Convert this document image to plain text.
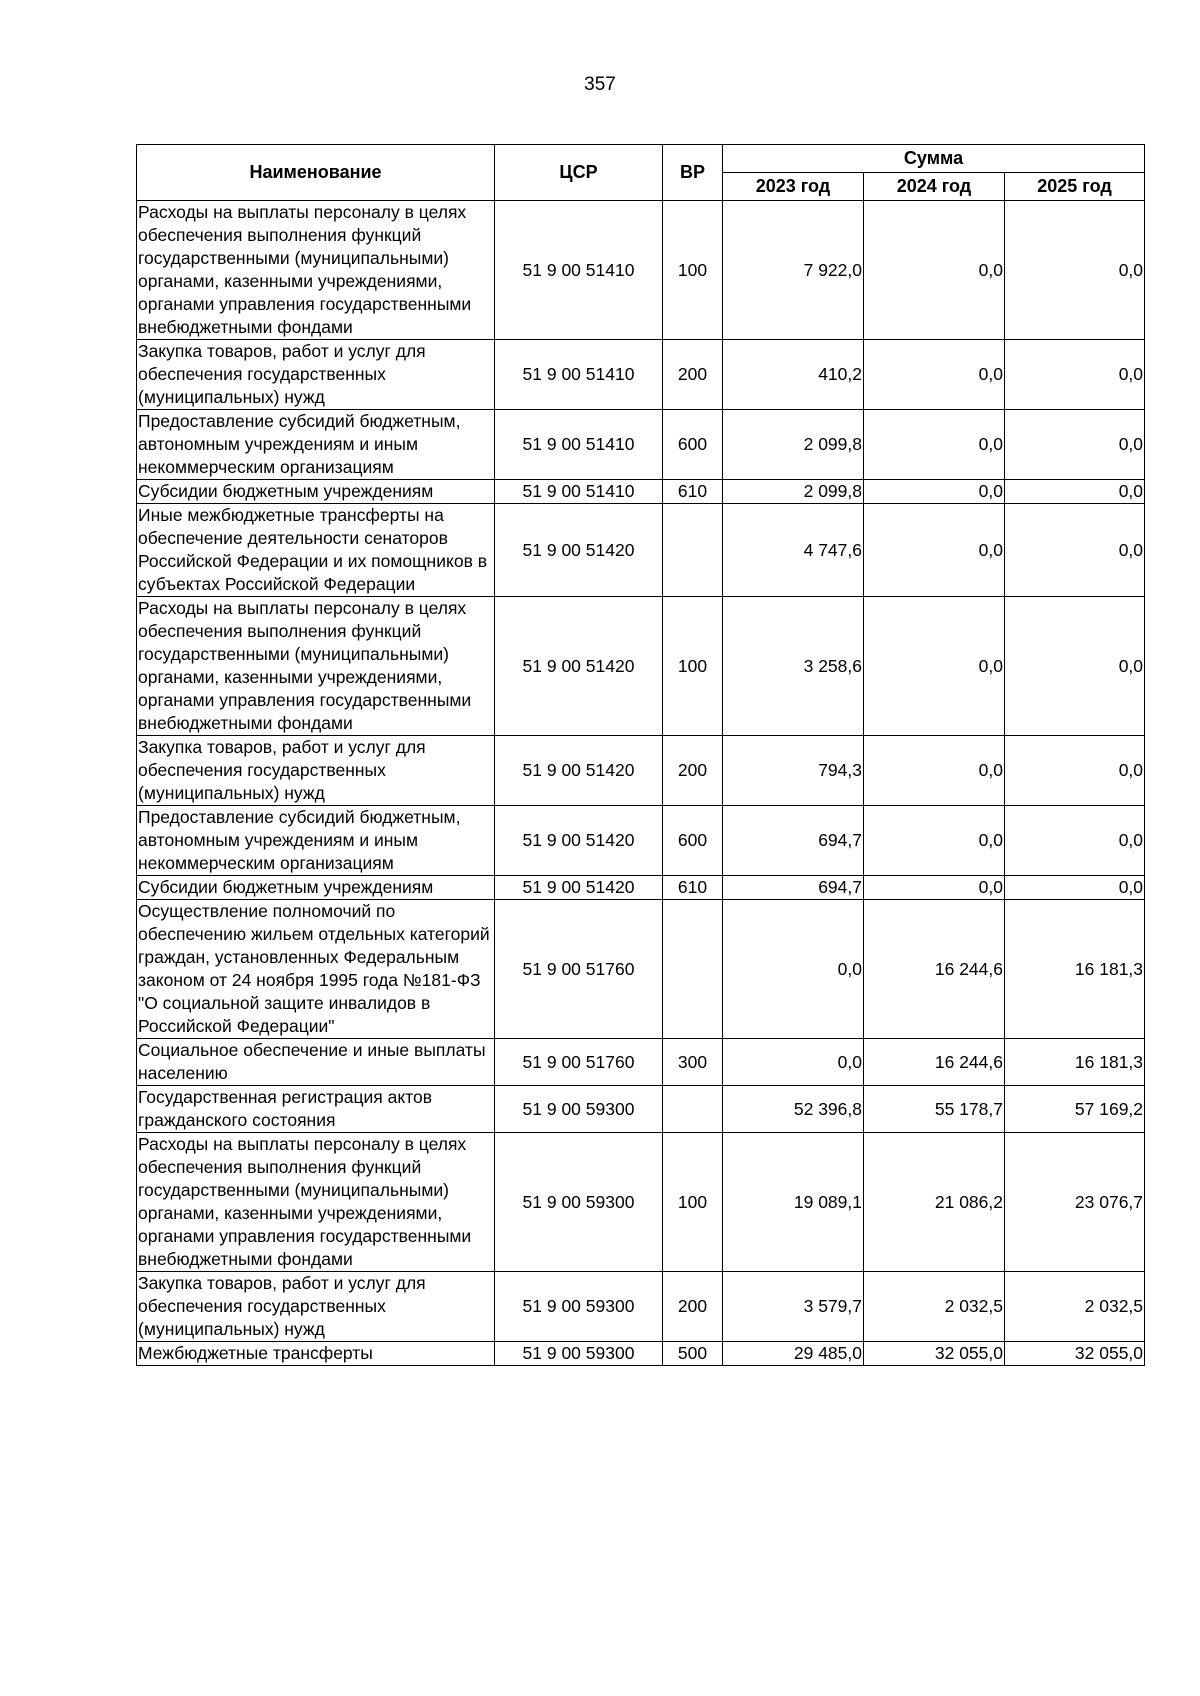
357
Наименование	ЦСР	ВР	Сумма		
			2023 год	2024 год	2025 год
Расходы на выплаты персоналу в целях обеспечения выполнения функций государственными (муниципальными) органами, казенными учреждениями, органами управления государственными внебюджетными фондами	51 9 00 51410	100	7 922,0	0,0	0,0
Закупка товаров, работ и услуг для обеспечения государственных (муниципальных) нужд	51 9 00 51410	200	410,2	0,0	0,0
Предоставление субсидий бюджетным, автономным учреждениям и иным некоммерческим организациям	51 9 00 51410	600	2 099,8	0,0	0,0
Субсидии бюджетным учреждениям	51 9 00 51410	610	2 099,8	0,0	0,0
Иные межбюджетные трансферты на обеспечение деятельности сенаторов Российской Федерации и их помощников в субъектах Российской Федерации	51 9 00 51420		4 747,6	0,0	0,0
Расходы на выплаты персоналу в целях обеспечения выполнения функций государственными (муниципальными) органами, казенными учреждениями, органами управления государственными внебюджетными фондами	51 9 00 51420	100	3 258,6	0,0	0,0
Закупка товаров, работ и услуг для обеспечения государственных (муниципальных) нужд	51 9 00 51420	200	794,3	0,0	0,0
Предоставление субсидий бюджетным, автономным учреждениям и иным некоммерческим организациям	51 9 00 51420	600	694,7	0,0	0,0
Субсидии бюджетным учреждениям	51 9 00 51420	610	694,7	0,0	0,0
Осуществление полномочий по обеспечению жильем отдельных категорий граждан, установленных Федеральным законом от 24 ноября 1995 года №181-ФЗ "О социальной защите инвалидов в Российской Федерации"	51 9 00 51760		0,0	16 244,6	16 181,3
Социальное обеспечение и иные выплаты населению	51 9 00 51760	300	0,0	16 244,6	16 181,3
Государственная регистрация актов гражданского состояния	51 9 00 59300		52 396,8	55 178,7	57 169,2
Расходы на выплаты персоналу в целях обеспечения выполнения функций государственными (муниципальными) органами, казенными учреждениями, органами управления государственными внебюджетными фондами	51 9 00 59300	100	19 089,1	21 086,2	23 076,7
Закупка товаров, работ и услуг для обеспечения государственных (муниципальных) нужд	51 9 00 59300	200	3 579,7	2 032,5	2 032,5
Межбюджетные трансферты	51 9 00 59300	500	29 485,0	32 055,0	32 055,0
